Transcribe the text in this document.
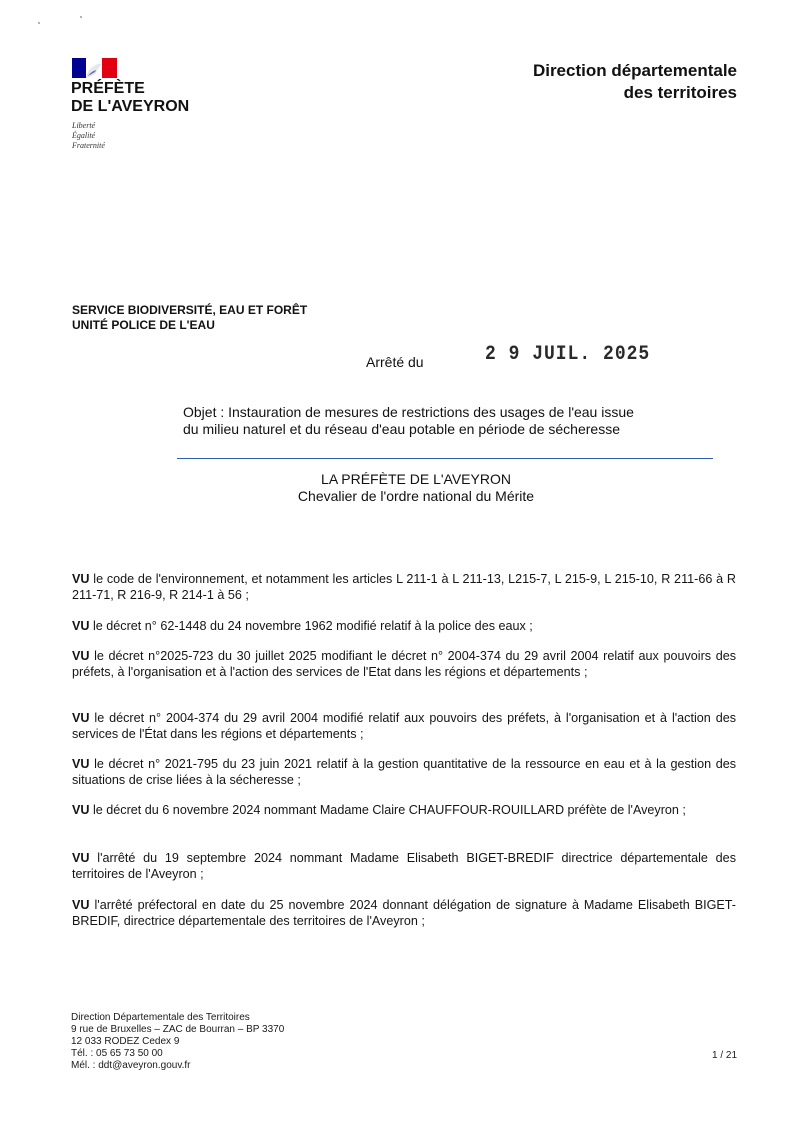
PRÉFÈTE
DE L'AVEYRON
Liberté
Égalité
Fraternité
Direction départementale
des territoires
SERVICE BIODIVERSITÉ, EAU ET FORÊT
UNITÉ POLICE DE L'EAU
Arrêté du	2 9 JUIL. 2025
Objet : Instauration de mesures de restrictions des usages de l'eau issue
du milieu naturel et du réseau d'eau potable en période de sécheresse
LA PRÉFÈTE DE L'AVEYRON
Chevalier de l'ordre national du Mérite
VU le code de l'environnement, et notamment les articles L 211-1 à L 211-13, L215-7, L 215-9, L 215-10, R 211-66 à R 211-71, R 216-9, R 214-1 à 56 ;
VU le décret n° 62-1448 du 24 novembre 1962 modifié relatif à la police des eaux ;
VU le décret n°2025-723 du 30 juillet 2025 modifiant le décret n° 2004-374 du 29 avril 2004 relatif aux pouvoirs des préfets, à l'organisation et à l'action des services de l'Etat dans les régions et départements ;
VU le décret n° 2004-374 du 29 avril 2004 modifié relatif aux pouvoirs des préfets, à l'organisation et à l'action des services de l'État dans les régions et départements ;
VU le décret n° 2021-795 du 23 juin 2021 relatif à la gestion quantitative de la ressource en eau et à la gestion des situations de crise liées à la sécheresse ;
VU le décret du 6 novembre 2024 nommant Madame Claire CHAUFFOUR-ROUILLARD préfète de l'Aveyron ;
VU l'arrêté du 19 septembre 2024 nommant Madame Elisabeth BIGET-BREDIF directrice départementale des territoires de l'Aveyron ;
VU l'arrêté préfectoral en date du 25 novembre 2024 donnant délégation de signature à Madame Elisabeth BIGET-BREDIF, directrice départementale des territoires de l'Aveyron ;
Direction Départementale des Territoires
9 rue de Bruxelles – ZAC de Bourran – BP 3370
12 033 RODEZ Cedex 9
Tél. : 05 65 73 50 00
Mél. : ddt@aveyron.gouv.fr
1 / 21
